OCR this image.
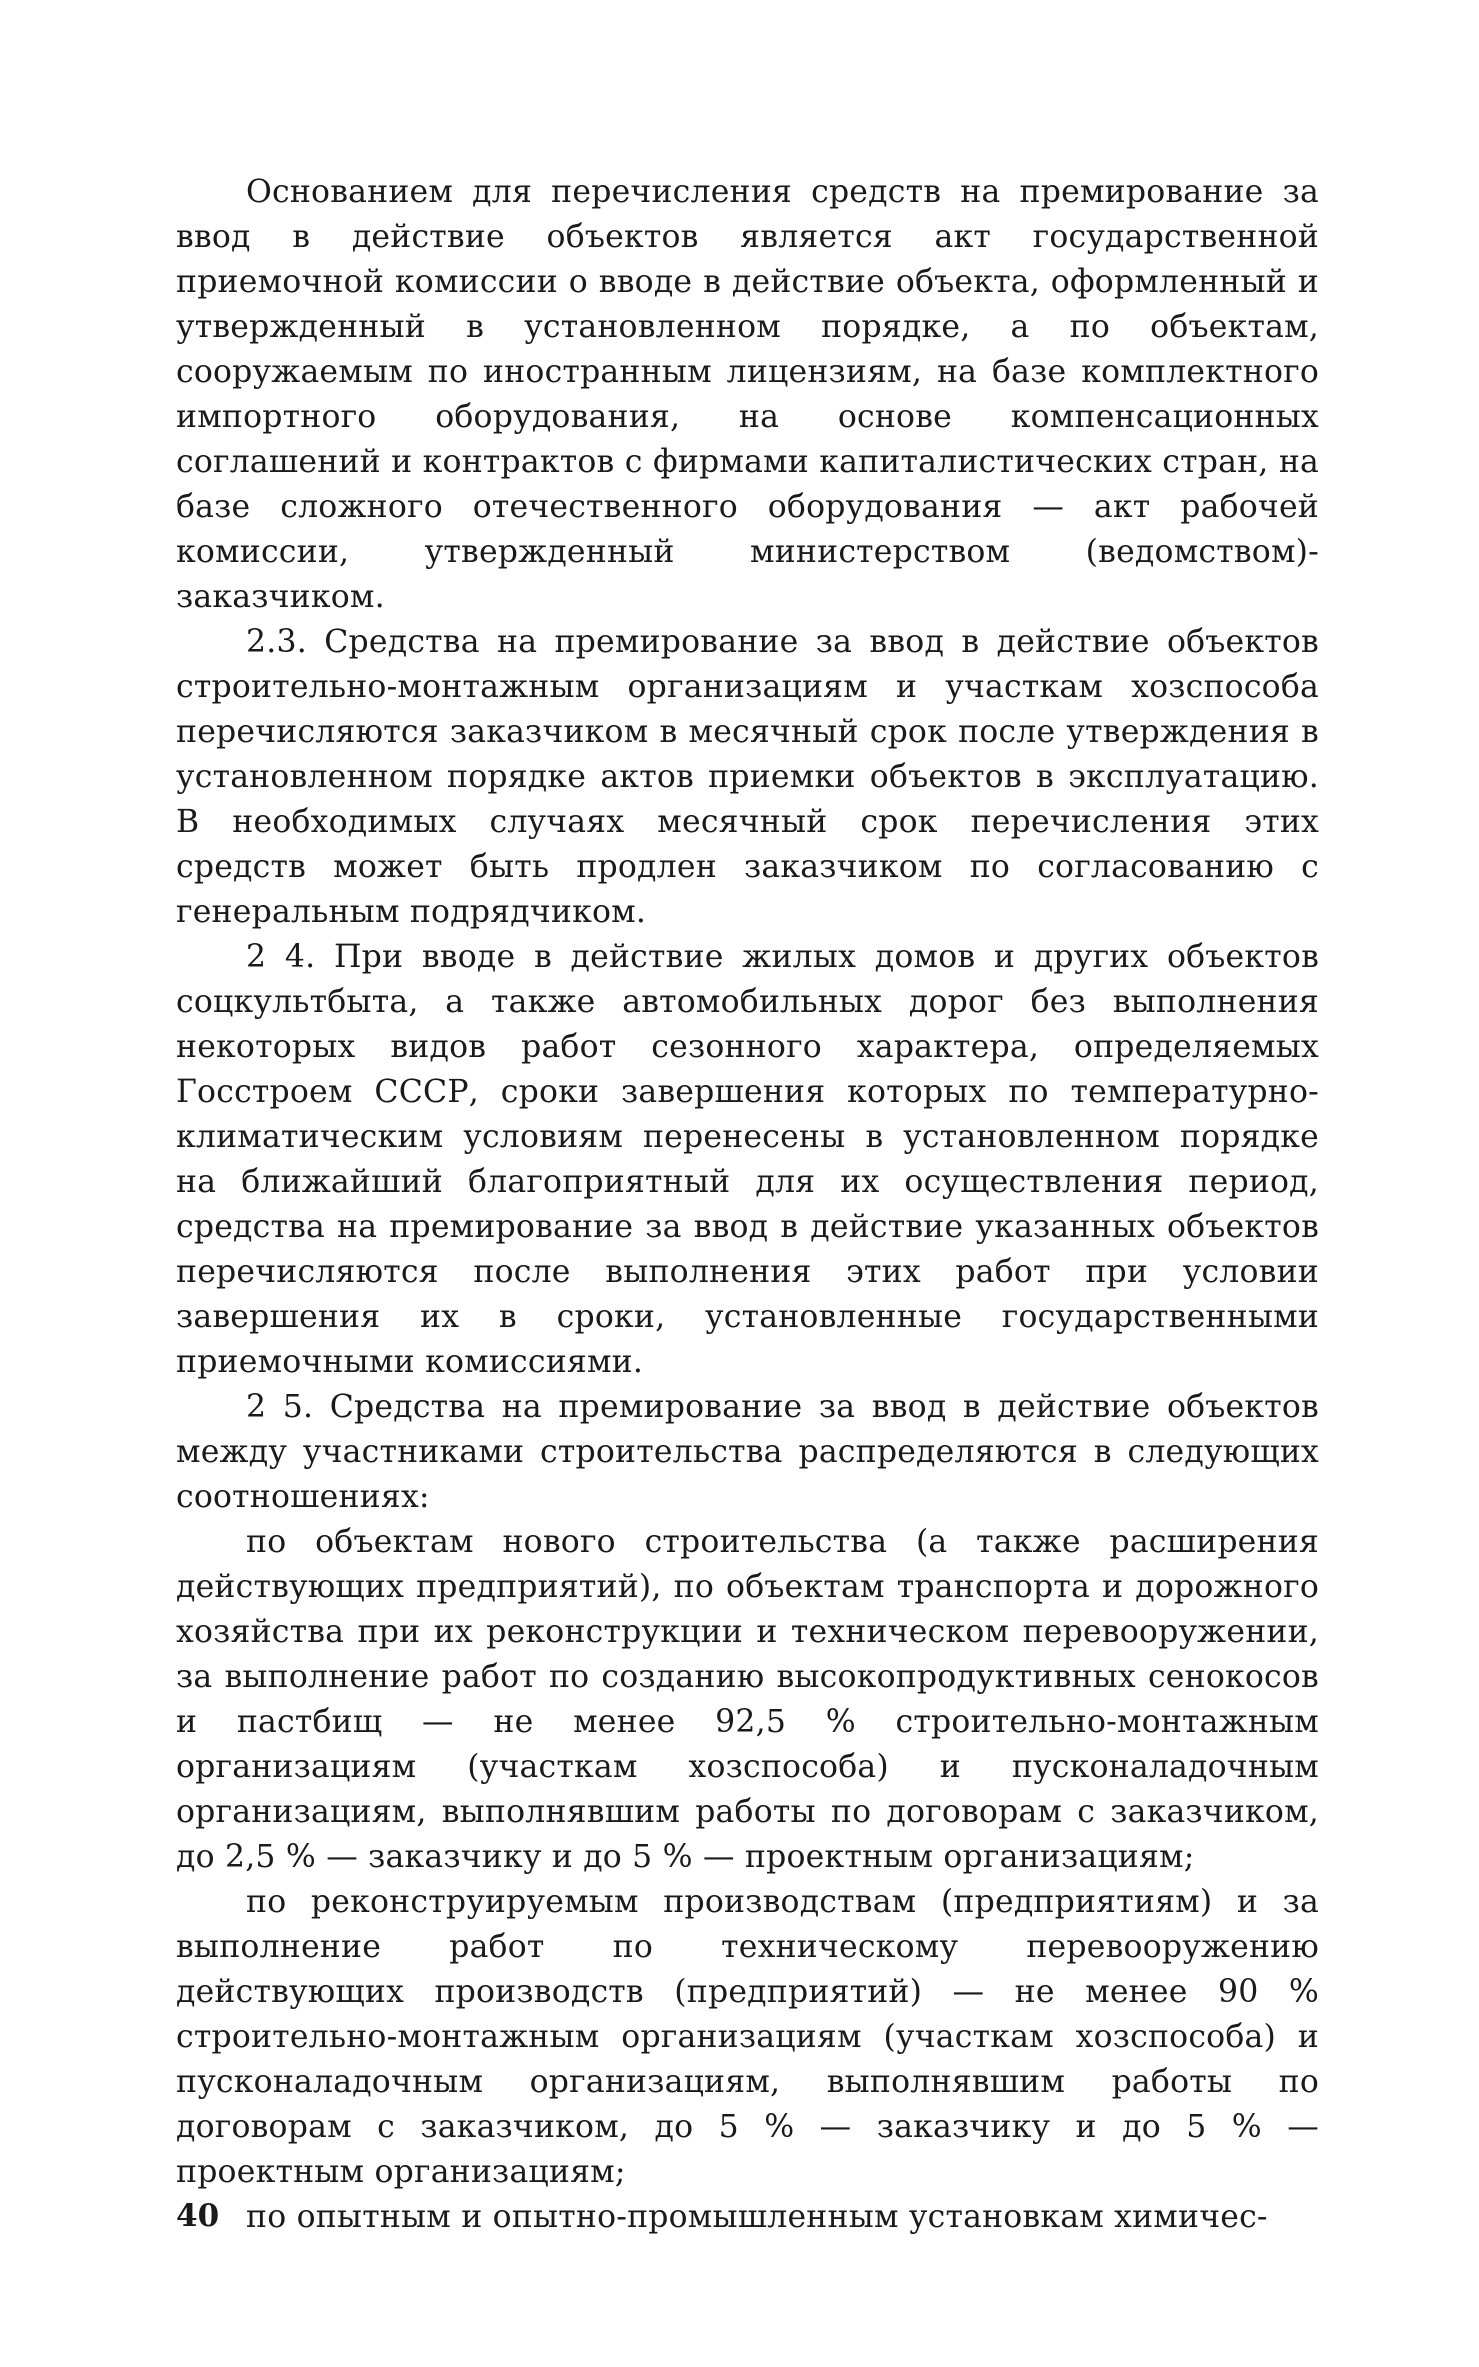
Основанием для перечисления средств на премирование за ввод в действие объектов является акт государственной приемочной комиссии о вводе в действие объекта, оформленный и утвержденный в установленном порядке, а по объектам, сооружаемым по иностранным лицензиям, на базе комплектного импортного оборудования, на основе компенсационных соглашений и контрактов с фирмами капиталистических стран, на базе сложного отечественного оборудования — акт рабочей комиссии, утвержденный министерством (ведомством)-заказчиком.

2.3. Средства на премирование за ввод в действие объектов строительно-монтажным организациям и участкам хозспособа перечисляются заказчиком в месячный срок после утверждения в установленном порядке актов приемки объектов в эксплуатацию. В необходимых случаях месячный срок перечисления этих средств может быть продлен заказчиком по согласованию с генеральным подрядчиком.

2 4. При вводе в действие жилых домов и других объектов соцкультбыта, а также автомобильных дорог без выполнения некоторых видов работ сезонного характера, определяемых Госстроем СССР, сроки завершения которых по температурно-климатическим условиям перенесены в установленном порядке на ближайший благоприятный для их осуществления период, средства на премирование за ввод в действие указанных объектов перечисляются после выполнения этих работ при условии завершения их в сроки, установленные государственными приемочными комиссиями.

2 5. Средства на премирование за ввод в действие объектов между участниками строительства распределяются в следующих соотношениях:

по объектам нового строительства (а также расширения действующих предприятий), по объектам транспорта и дорожного хозяйства при их реконструкции и техническом перевооружении, за выполнение работ по созданию высокопродуктивных сенокосов и пастбищ — не менее 92,5 % строительно-монтажным организациям (участкам хозспособа) и пусконаладочным организациям, выполнявшим работы по договорам с заказчиком, до 2,5 % — заказчику и до 5 % — проектным организациям;

по реконструируемым производствам (предприятиям) и за выполнение работ по техническому перевооружению действующих производств (предприятий) — не менее 90 % строительно-монтажным организациям (участкам хозспособа) и пусконаладочным организациям, выполнявшим работы по договорам с заказчиком, до 5 % — заказчику и до 5 % — проектным организациям;

по опытным и опытно-промышленным установкам химичес-

40
